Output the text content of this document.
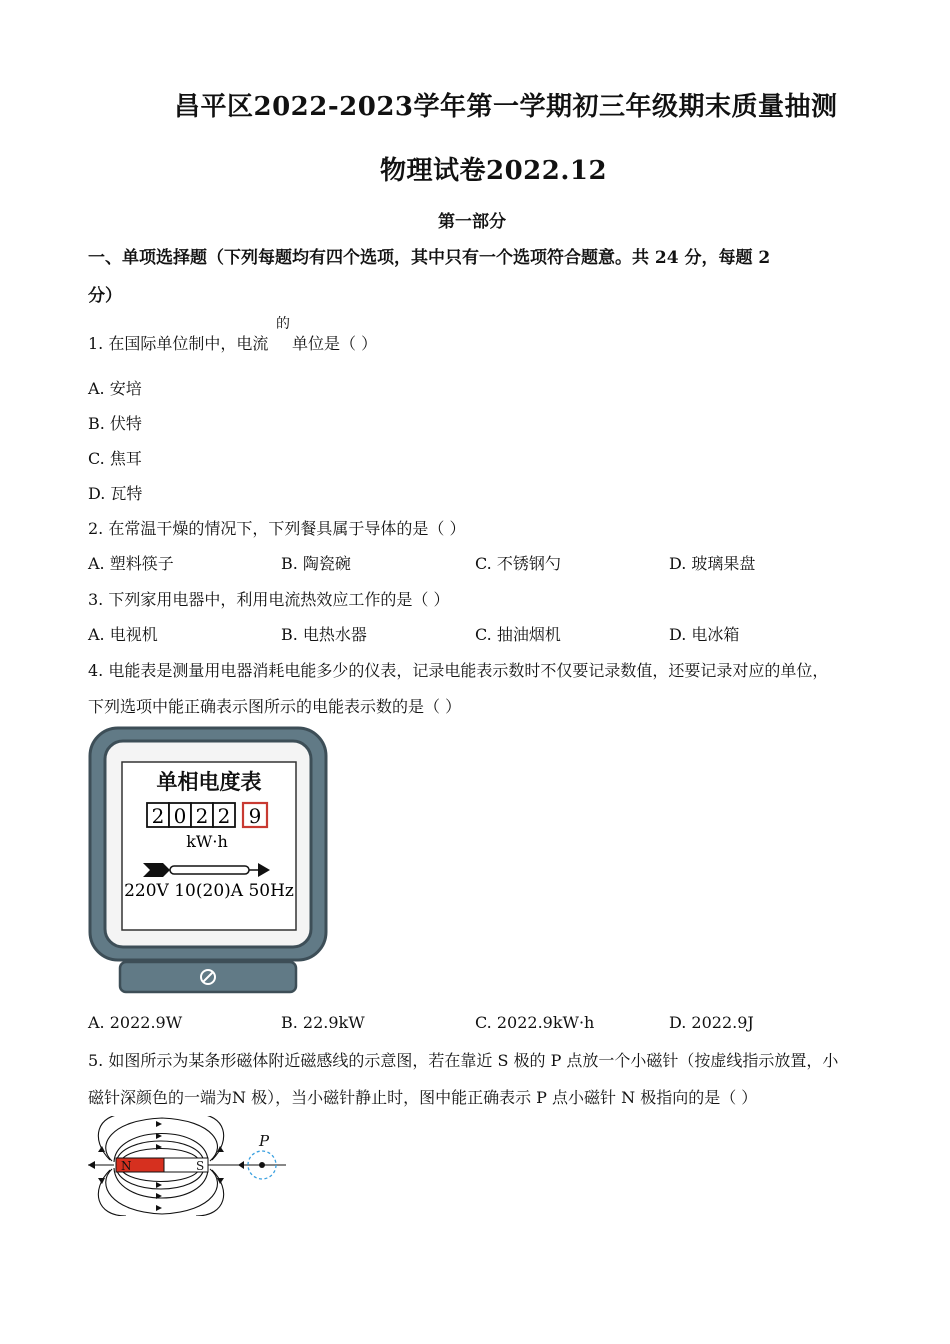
昌平区2022-2023学年第一学期初三年级期末质量抽测
物理试卷2022.12
第一部分
一、单项选择题（下列每题均有四个选项，其中只有一个选项符合题意。共 24 分，每题 2
分）
的
1. 在国际单位制中，电流 单位是（ ）
A. 安培
B. 伏特
C. 焦耳
D. 瓦特
2. 在常温干燥的情况下，下列餐具属于导体的是（ ）
A. 塑料筷子	B. 陶瓷碗	C. 不锈钢勺	D. 玻璃果盘
3. 下列家用电器中，利用电流热效应工作的是（ ）
A. 电视机	B. 电热水器	C. 抽油烟机	D. 电冰箱
4. 电能表是测量用电器消耗电能多少的仪表，记录电能表示数时不仅要记录数值，还要记录对应的单位，
下列选项中能正确表示图所示的电能表示数的是（ ）
单相电度表
2 0 2 2 9
kW·h
220V 10(20)A 50Hz
A. 2022.9W	B. 22.9kW	C. 2022.9kW·h	D. 2022.9J
5. 如图所示为某条形磁体附近磁感线的示意图，若在靠近 S 极的 P 点放一个小磁针（按虚线指示放置，小
磁针深颜色的一端为N 极），当小磁针静止时，图中能正确表示 P 点小磁针 N 极指向的是（ ）
N	S
P
